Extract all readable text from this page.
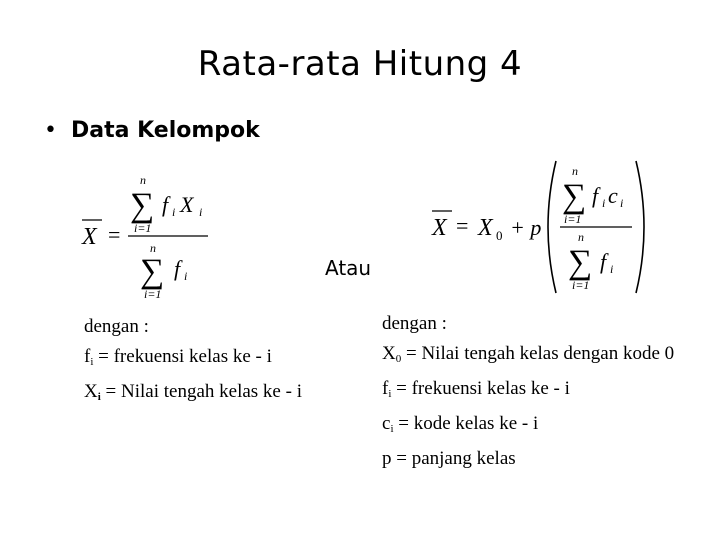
Rata-rata Hitung 4
• Data Kelompok
X =
n
∑
i=1
f i X i
n
∑
i=1
f i	Atau
X = X 0 + p
n
∑
i=1
f i c i
n
∑
i=1
f i
dengan :
$f_i$ = frekuensi kelas ke - i
$X_i$ = Nilai tengah kelas ke - i
dengan :
$X_0$ = Nilai tengah kelas dengan kode 0
$f_i$ = frekuensi kelas ke - i
$c_i$ = kode kelas ke - i
p = panjang kelas
